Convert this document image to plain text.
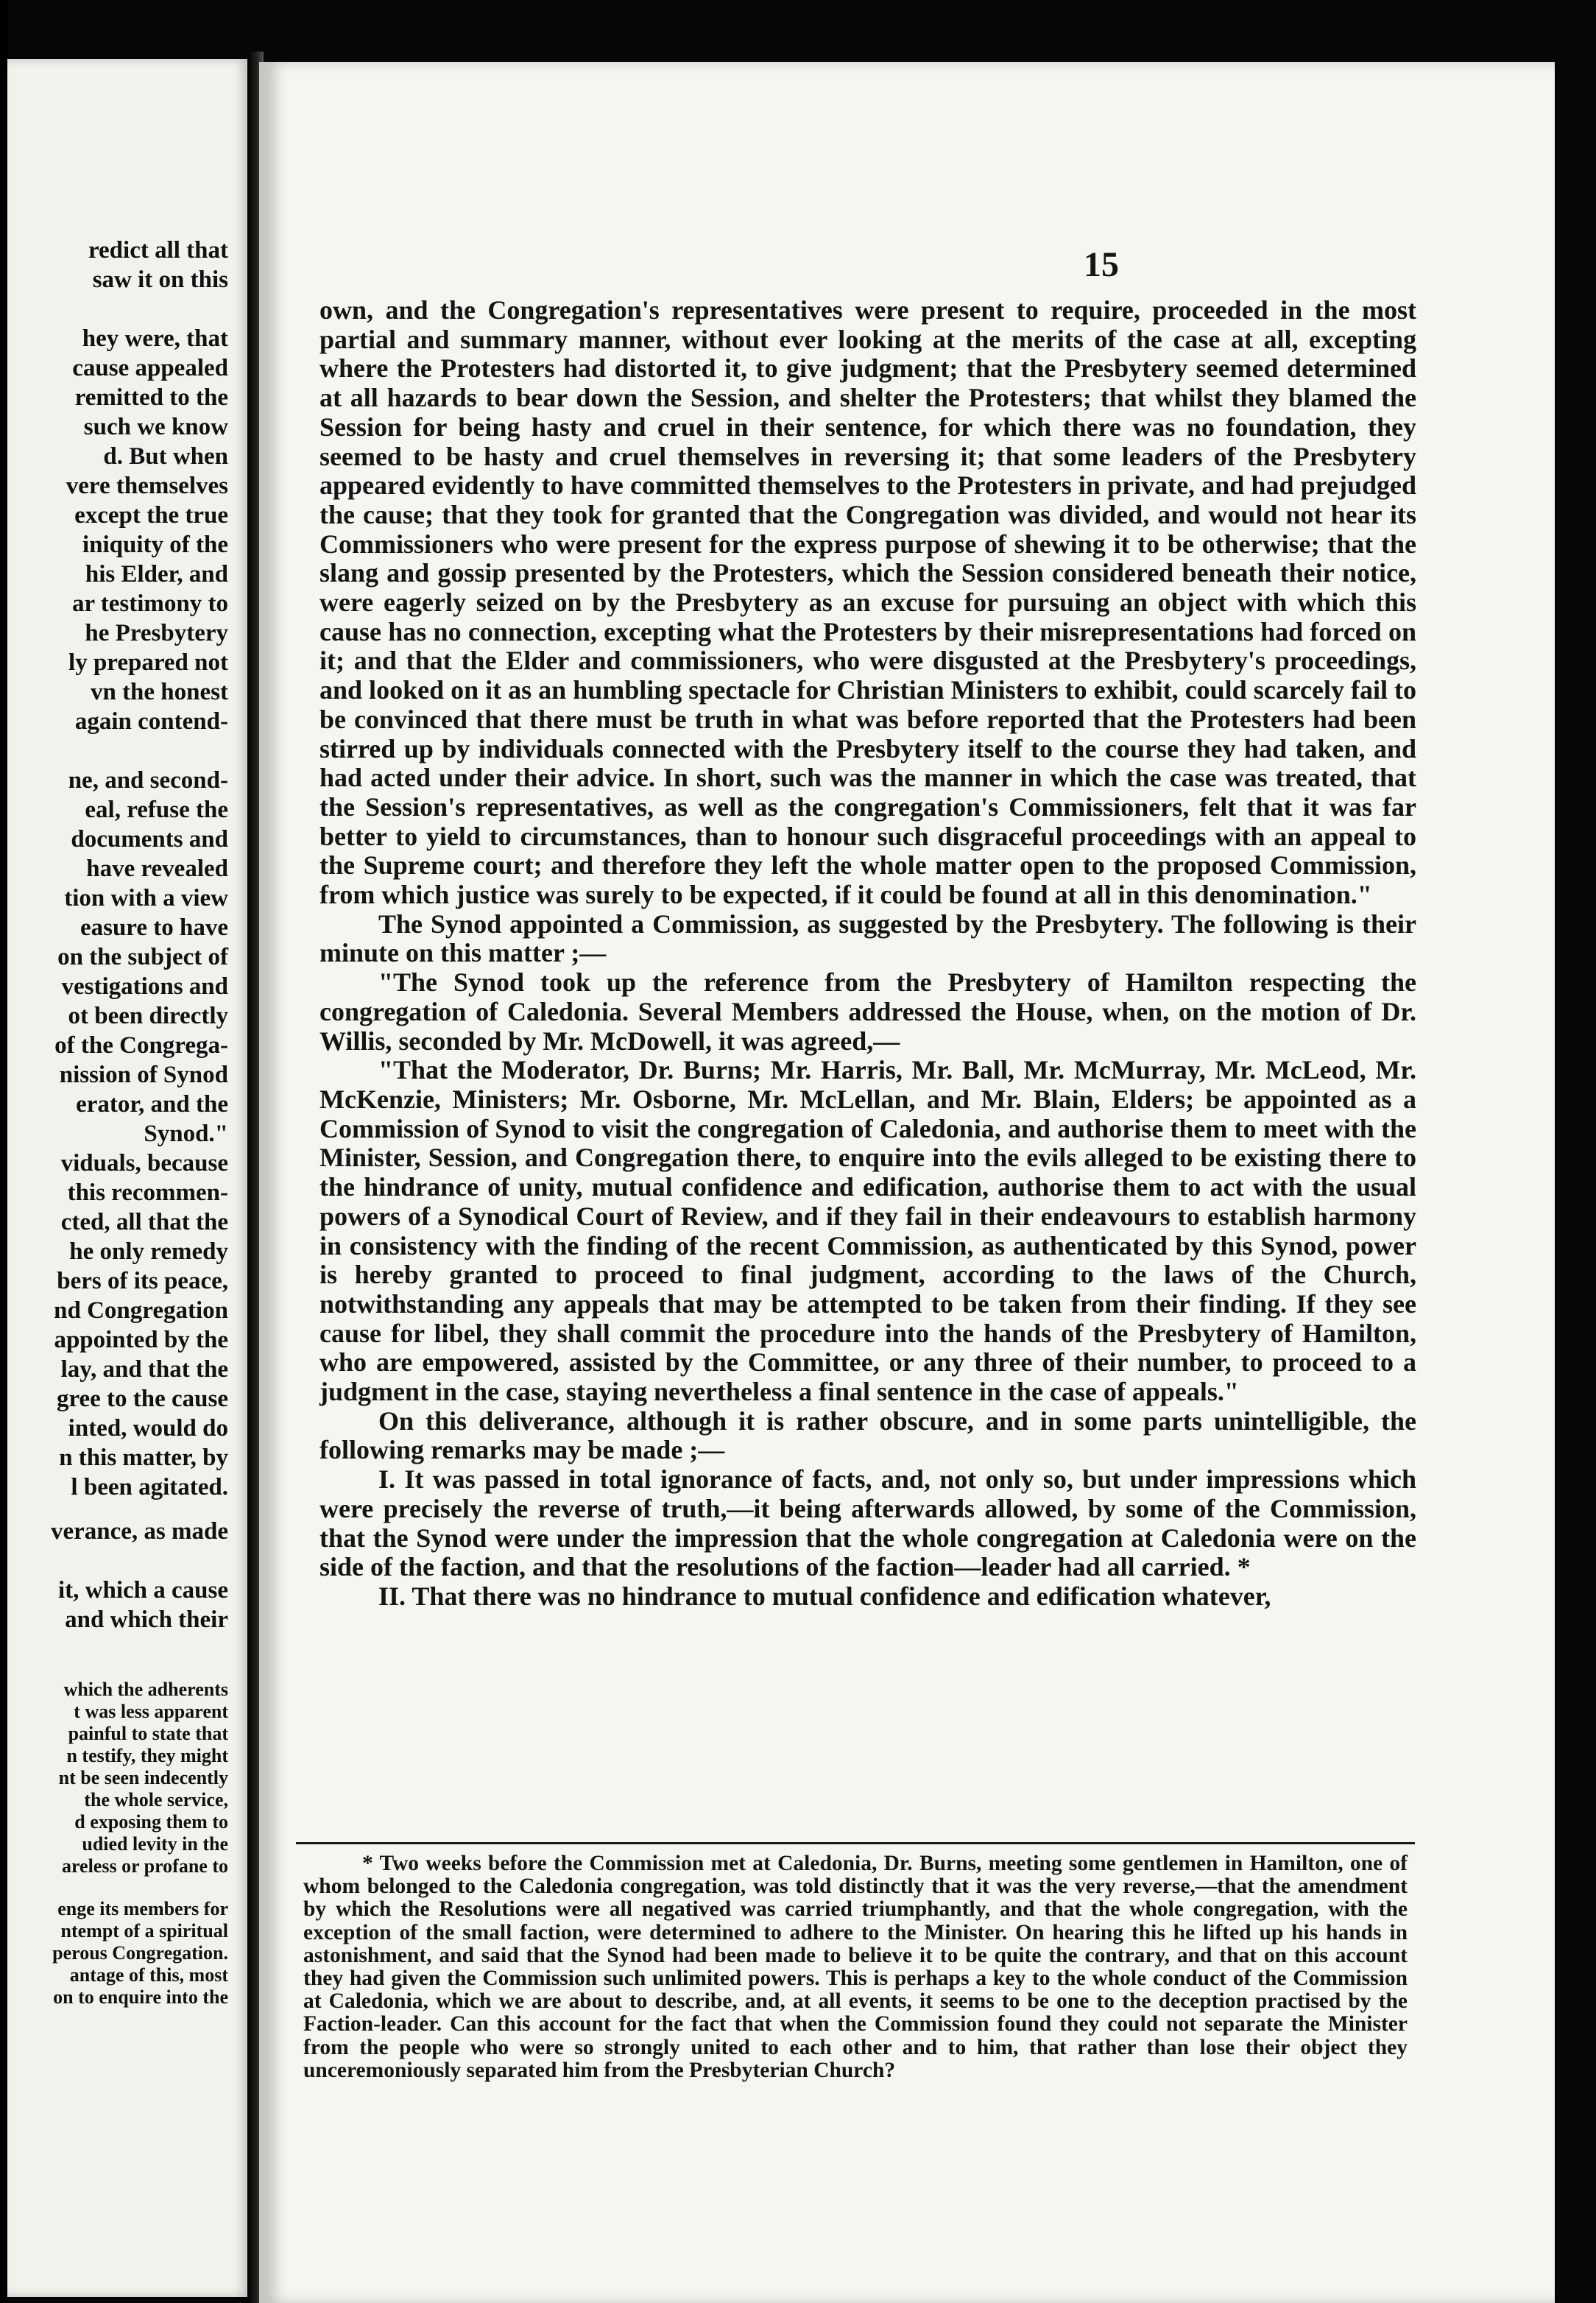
redict all that
saw it on this
hey were, that
cause appealed
remitted to the
such we know
d. But when
vere themselves
except the true
iniquity of the
his Elder, and
ar testimony to
he Presbytery
ly prepared not
vn the honest
again contend-
ne, and second-
eal, refuse the
documents and
have revealed
tion with a view
easure to have
on the subject of
vestigations and
ot been directly
of the Congrega-
nission of Synod
erator, and the
Synod."
viduals, because
this recommen-
cted, all that the
he only remedy
bers of its peace,
nd Congregation
appointed by the
lay, and that the
gree to the cause
inted, would do
n this matter, by
l been agitated.
verance, as made
it, which a cause
and which their
which the adherents
t was less apparent
painful to state that
n testify, they might
nt be seen indecently
the whole service,
d exposing them to
udied levity in the
areless or profane to
enge its members for
ntempt of a spiritual
perous Congregation.
antage of this, most
on to enquire into the
15

own, and the Congregation's representatives were present to require, proceeded in the most partial and summary manner, without ever looking at the merits of the case at all, excepting where the Protesters had distorted it, to give judgment; that the Presbytery seemed determined at all hazards to bear down the Session, and shelter the Protesters; that whilst they blamed the Session for being hasty and cruel in their sentence, for which there was no foundation, they seemed to be hasty and cruel themselves in reversing it; that some leaders of the Presbytery appeared evidently to have committed themselves to the Protesters in private, and had prejudged the cause; that they took for granted that the Congregation was divided, and would not hear its Commissioners who were present for the express purpose of shewing it to be otherwise; that the slang and gossip presented by the Protesters, which the Session considered beneath their notice, were eagerly seized on by the Presbytery as an excuse for pursuing an object with which this cause has no connection, excepting what the Protesters by their misrepresentations had forced on it; and that the Elder and commissioners, who were disgusted at the Presbytery's proceedings, and looked on it as an humbling spectacle for Christian Ministers to exhibit, could scarcely fail to be convinced that there must be truth in what was before reported that the Protesters had been stirred up by individuals connected with the Presbytery itself to the course they had taken, and had acted under their advice. In short, such was the manner in which the case was treated, that the Session's representatives, as well as the congregation's Commissioners, felt that it was far better to yield to circumstances, than to honour such disgraceful proceedings with an appeal to the Supreme court; and therefore they left the whole matter open to the proposed Commission, from which justice was surely to be expected, if it could be found at all in this denomination."

The Synod appointed a Commission, as suggested by the Presbytery. The following is their minute on this matter ;—

"The Synod took up the reference from the Presbytery of Hamilton respecting the congregation of Caledonia. Several Members addressed the House, when, on the motion of Dr. Willis, seconded by Mr. McDowell, it was agreed,—

"That the Moderator, Dr. Burns; Mr. Harris, Mr. Ball, Mr. McMurray, Mr. McLeod, Mr. McKenzie, Ministers; Mr. Osborne, Mr. McLellan, and Mr. Blain, Elders; be appointed as a Commission of Synod to visit the congregation of Caledonia, and authorise them to meet with the Minister, Session, and Congregation there, to enquire into the evils alleged to be existing there to the hindrance of unity, mutual confidence and edification, authorise them to act with the usual powers of a Synodical Court of Review, and if they fail in their endeavours to establish harmony in consistency with the finding of the recent Commission, as authenticated by this Synod, power is hereby granted to proceed to final judgment, according to the laws of the Church, notwithstanding any appeals that may be attempted to be taken from their finding. If they see cause for libel, they shall commit the procedure into the hands of the Presbytery of Hamilton, who are empowered, assisted by the Committee, or any three of their number, to proceed to a judgment in the case, staying nevertheless a final sentence in the case of appeals."

On this deliverance, although it is rather obscure, and in some parts unintelligible, the following remarks may be made ;—

I. It was passed in total ignorance of facts, and, not only so, but under impressions which were precisely the reverse of truth,—it being afterwards allowed, by some of the Commission, that the Synod were under the impression that the whole congregation at Caledonia were on the side of the faction, and that the resolutions of the faction—leader had all carried. *

II. That there was no hindrance to mutual confidence and edification whatever,

* Two weeks before the Commission met at Caledonia, Dr. Burns, meeting some gentlemen in Hamilton, one of whom belonged to the Caledonia congregation, was told distinctly that it was the very reverse,—that the amendment by which the Resolutions were all negatived was carried triumphantly, and that the whole congregation, with the exception of the small faction, were determined to adhere to the Minister. On hearing this he lifted up his hands in astonishment, and said that the Synod had been made to believe it to be quite the contrary, and that on this account they had given the Commission such unlimited powers. This is perhaps a key to the whole conduct of the Commission at Caledonia, which we are about to describe, and, at all events, it seems to be one to the deception practised by the Faction-leader. Can this account for the fact that when the Commission found they could not separate the Minister from the people who were so strongly united to each other and to him, that rather than lose their object they unceremoniously separated him from the Presbyterian Church?
